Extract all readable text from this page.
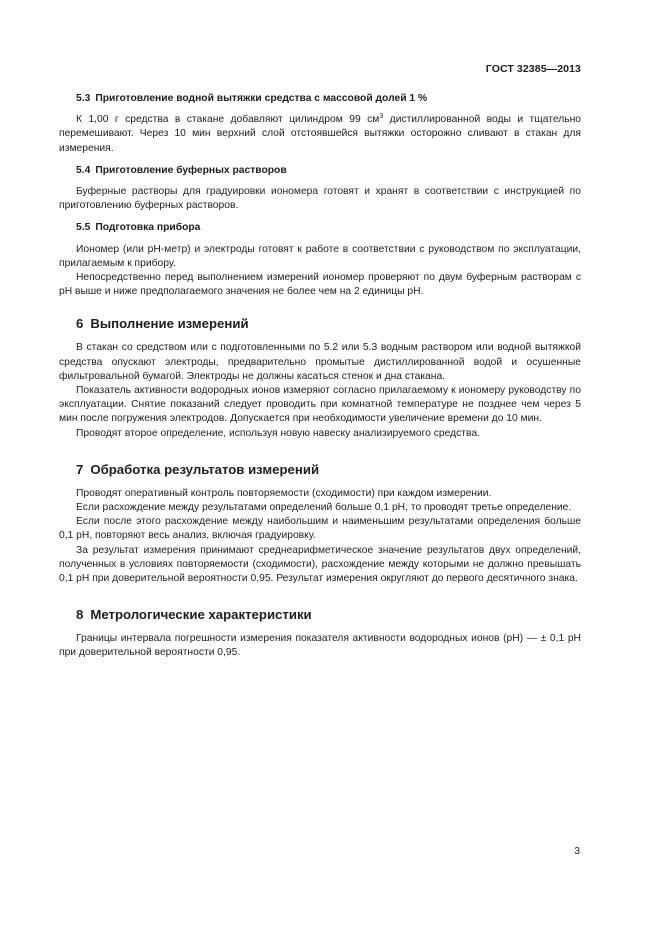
ГОСТ 32385—2013

5.3 Приготовление водной вытяжки средства с массовой долей 1 %

К 1,00 г средства в стакане добавляют цилиндром 99 $см^3$ дистиллированной воды и тщательно перемешивают. Через 10 мин верхний слой отстоявшейся вытяжки осторожно сливают в стакан для измерения.

5.4 Приготовление буферных растворов

Буферные растворы для градуировки иономера готовят и хранят в соответствии с инструкцией по приготовлению буферных растворов.

5.5 Подготовка прибора

Иономер (или pH-метр) и электроды готовят к работе в соответствии с руководством по эксплуатации, прилагаемым к прибору.

Непосредственно перед выполнением измерений иономер проверяют по двум буферным растворам с pH выше и ниже предполагаемого значения не более чем на 2 единицы pH.

6 Выполнение измерений

В стакан со средством или с подготовленными по 5.2 или 5.3 водным раствором или водной вытяжкой средства опускают электроды, предварительно промытые дистиллированной водой и осушенные фильтровальной бумагой. Электроды не должны касаться стенок и дна стакана.

Показатель активности водородных ионов измеряют согласно прилагаемому к иономеру руководству по эксплуатации. Снятие показаний следует проводить при комнатной температуре не позднее чем через 5 мин после погружения электродов. Допускается при необходимости увеличение времени до 10 мин.

Проводят второе определение, используя новую навеску анализируемого средства.

7 Обработка результатов измерений

Проводят оперативный контроль повторяемости (сходимости) при каждом измерении.

Если расхождение между результатами определений больше 0,1 pH, то проводят третье определение.

Если после этого расхождение между наибольшим и наименьшим результатами определения больше 0,1 pH, повторяют весь анализ, включая градуировку.

За результат измерения принимают среднеарифметическое значение результатов двух определений, полученных в условиях повторяемости (сходимости), расхождение между которыми не должно превышать 0,1 pH при доверительной вероятности 0,95. Результат измерения округляют до первого десятичного знака.

8 Метрологические характеристики

Границы интервала погрешности измерения показателя активности водородных ионов (pH) — ± 0,1 pH при доверительной вероятности 0,95.

3
